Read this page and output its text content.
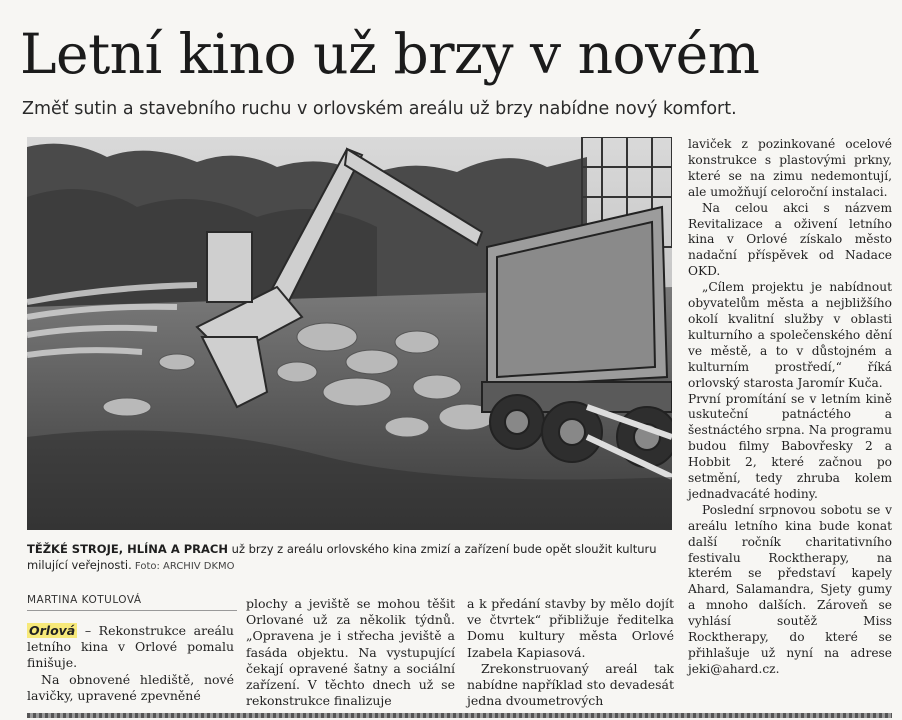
Letní kino už brzy v novém
Změť sutin a stavebního ruchu v orlovském areálu už brzy nabídne nový komfort.
TĚŽKÉ STROJE, HLÍNA A PRACH už brzy z areálu orlovského kina zmizí a zařízení bude opět sloužit kulturu milující veřejnosti. Foto: ARCHIV DKMO
MARTINA KOTULOVÁ

Orlová – Rekonstrukce areálu letního kina v Orlové pomalu finišuje.

Na obnovené hlediště, nové lavičky, upravené zpevněné

plochy a jeviště se mohou těšit Orlované už za několik týdnů. „Opravena je i střecha jeviště a fasáda objektu. Na vystupující čekají opravené šatny a sociální zařízení. V těchto dnech už se rekonstrukce finalizuje

a k předání stavby by mělo dojít ve čtvrtek“ přibližuje ředitelka Domu kultury města Orlové Izabela Kapiasová.

Zrekonstruovaný areál tak nabídne například sto devadesát jedna dvoumetrových

laviček z pozinkované ocelové konstrukce s plastovými prkny, které se na zimu nedemontují, ale umožňují celoroční instalaci.

Na celou akci s názvem Revitalizace a oživení letního kina v Orlové získalo město nadační příspěvek od Nadace OKD.

„Cílem projektu je nabídnout obyvatelům města a nejbližšího okolí kvalitní služby v oblasti kulturního a společenského dění ve městě, a to v důstojném a kulturním prostředí,“ říká orlovský starosta Jaromír Kuča.

První promítání se v letním kině uskuteční patnáctého a šestnáctého srpna. Na programu budou filmy Babovřesky 2 a Hobbit 2, které začnou po setmění, tedy zhruba kolem jednadvacáté hodiny.

Poslední srpnovou sobotu se v areálu letního kina bude konat další ročník charitativního festivalu Rocktherapy, na kterém se představí kapely Ahard, Salamandra, Sjety gumy a mnoho dalších. Zároveň se vyhlásí soutěž Miss Rocktherapy, do které se přihlašuje už nyní na adrese jeki@ahard.cz.
